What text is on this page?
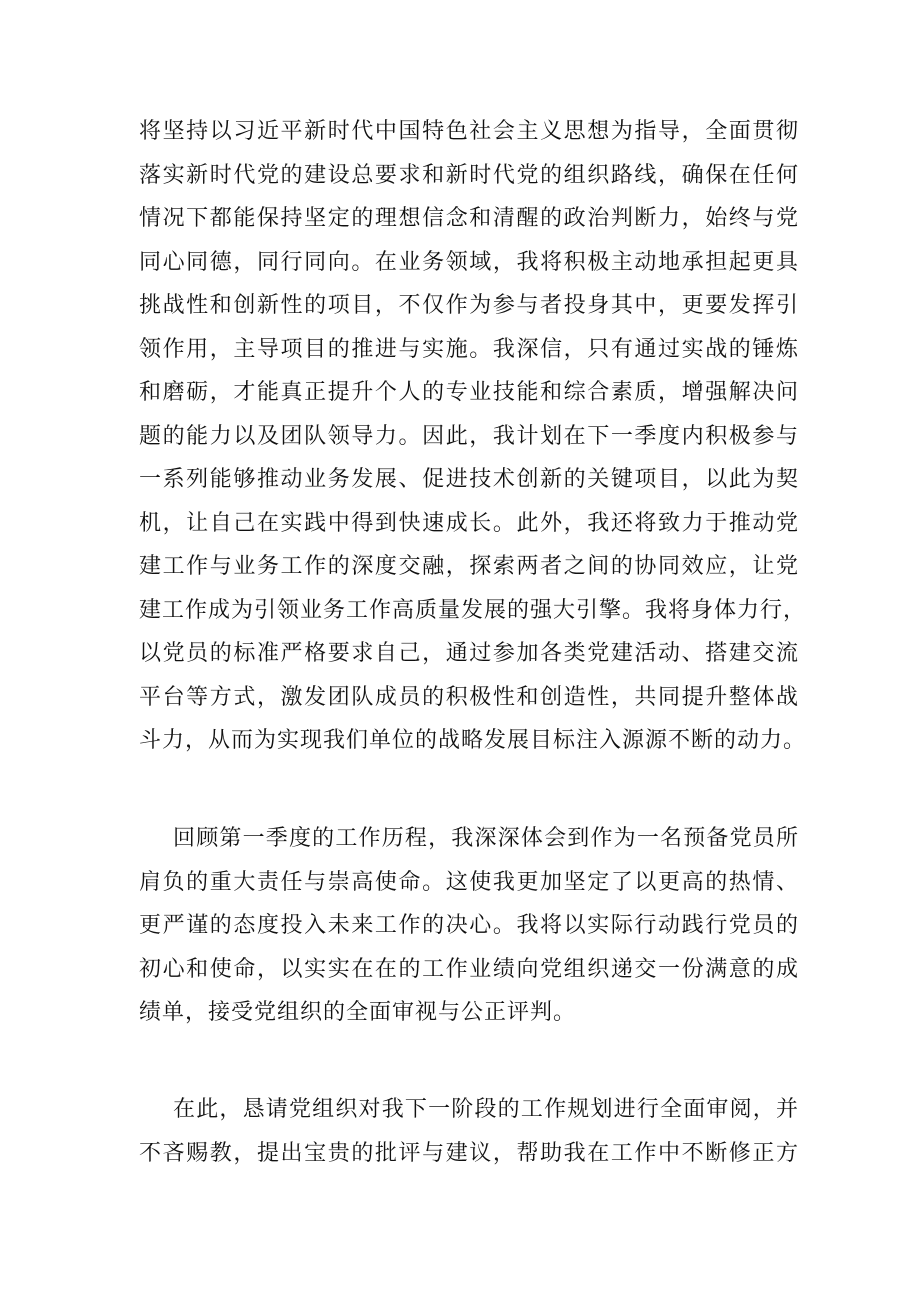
将坚持以习近平新时代中国特色社会主义思想为指导，全面贯彻
落实新时代党的建设总要求和新时代党的组织路线，确保在任何
情况下都能保持坚定的理想信念和清醒的政治判断力，始终与党
同心同德，同行同向。在业务领域，我将积极主动地承担起更具
挑战性和创新性的项目，不仅作为参与者投身其中，更要发挥引
领作用，主导项目的推进与实施。我深信，只有通过实战的锤炼
和磨砺，才能真正提升个人的专业技能和综合素质，增强解决问
题的能力以及团队领导力。因此，我计划在下一季度内积极参与
一系列能够推动业务发展、促进技术创新的关键项目，以此为契
机，让自己在实践中得到快速成长。此外，我还将致力于推动党
建工作与业务工作的深度交融，探索两者之间的协同效应，让党
建工作成为引领业务工作高质量发展的强大引擎。我将身体力行，
以党员的标准严格要求自己，通过参加各类党建活动、搭建交流
平台等方式，激发团队成员的积极性和创造性，共同提升整体战
斗力，从而为实现我们单位的战略发展目标注入源源不断的动力。
回顾第一季度的工作历程，我深深体会到作为一名预备党员所
肩负的重大责任与崇高使命。这使我更加坚定了以更高的热情、
更严谨的态度投入未来工作的决心。我将以实际行动践行党员的
初心和使命，以实实在在的工作业绩向党组织递交一份满意的成
绩单，接受党组织的全面审视与公正评判。
在此，恳请党组织对我下一阶段的工作规划进行全面审阅，并
不吝赐教，提出宝贵的批评与建议，帮助我在工作中不断修正方
